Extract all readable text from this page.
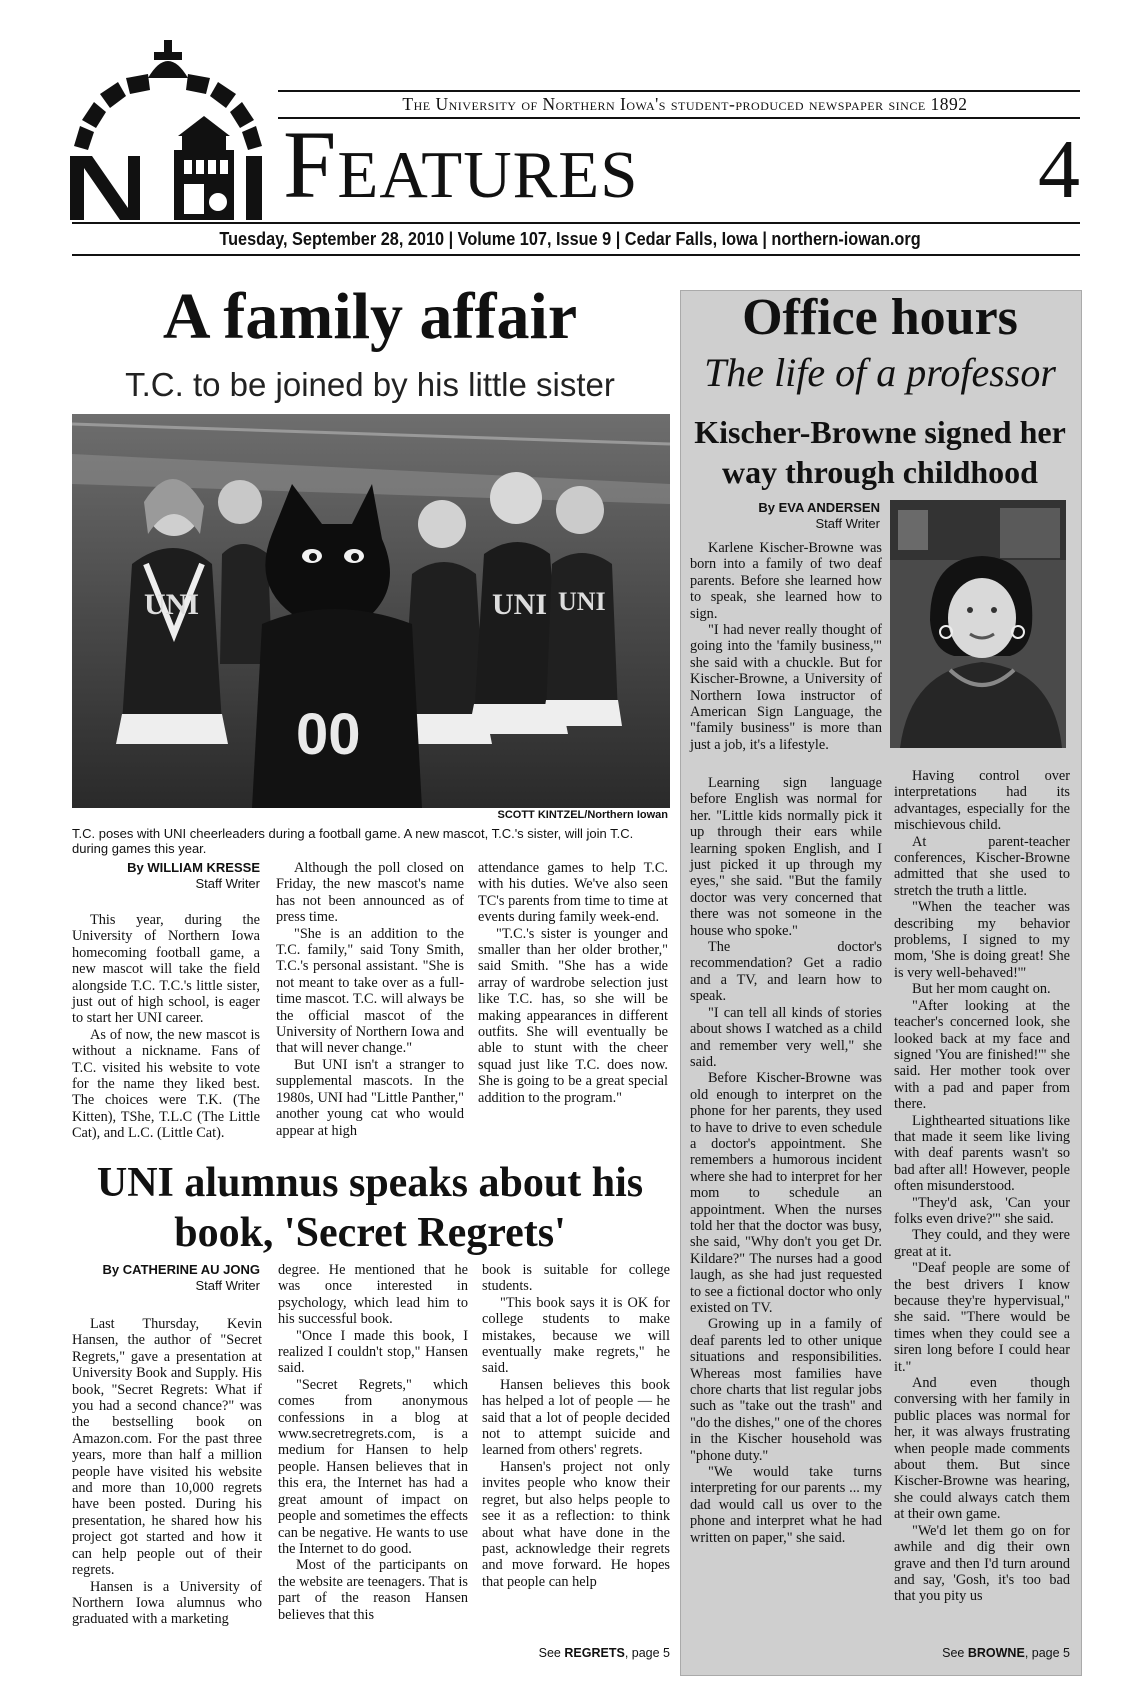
The University of Northern Iowa's student-produced newspaper since 1892
Features	4
Tuesday, September 28, 2010 | Volume 107, Issue 9 | Cedar Falls, Iowa | northern-iowan.org
A family affair
T.C. to be joined by his little sister
UNI	UNI UNI
00
SCOTT KINTZEL/Northern Iowan
T.C. poses with UNI cheerleaders during a football game. A new mascot, T.C.'s sister, will join T.C. during games this year.
By WILLIAM KRESSE
Staff Writer

This year, during the University of Northern Iowa homecoming football game, a new mascot will take the field alongside T.C. T.C.'s little sister, just out of high school, is eager to start her UNI career.

As of now, the new mascot is without a nickname. Fans of T.C. visited his website to vote for the name they liked best. The choices were T.K. (The Kitten), TShe, T.L.C (The Little Cat), and L.C. (Little Cat).

Although the poll closed on Friday, the new mascot's name has not been announced as of press time.

"She is an addition to the T.C. family," said Tony Smith, T.C.'s personal assistant. "She is not meant to take over as a full-time mascot. T.C. will always be the official mascot of the University of Northern Iowa and that will never change."

But UNI isn't a stranger to supplemental mascots. In the 1980s, UNI had "Little Panther," another young cat who would appear at high

attendance games to help T.C. with his duties. We've also seen TC's parents from time to time at events during family week-end.

"T.C.'s sister is younger and smaller than her older brother," said Smith. "She has a wide array of wardrobe selection just like T.C. has, so she will be making appearances in different outfits. She will eventually be able to stunt with the cheer squad just like T.C. does now. She is going to be a great special addition to the program."

UNI alumnus speaks about his book, 'Secret Regrets'
By CATHERINE AU JONG
Staff Writer

Last Thursday, Kevin Hansen, the author of "Secret Regrets," gave a presentation at University Book and Supply. His book, "Secret Regrets: What if you had a second chance?" was the bestselling book on Amazon.com. For the past three years, more than half a million people have visited his website and more than 10,000 regrets have been posted. During his presentation, he shared how his project got started and how it can help people out of their regrets.

Hansen is a University of Northern Iowa alumnus who graduated with a marketing

degree. He mentioned that he was once interested in psychology, which lead him to his successful book.

"Once I made this book, I realized I couldn't stop," Hansen said.

"Secret Regrets," which comes from anonymous confessions in a blog at www.secretregrets.com, is a medium for Hansen to help people. Hansen believes that in this era, the Internet has had a great amount of impact on people and sometimes the effects can be negative. He wants to use the Internet to do good.

Most of the participants on the website are teenagers. That is part of the reason Hansen believes that this

book is suitable for college students.

"This book says it is OK for college students to make mistakes, because we will eventually make regrets," he said.

Hansen believes this book has helped a lot of people — he said that a lot of people decided not to attempt suicide and learned from others' regrets.

Hansen's project not only invites people who know their regret, but also helps people to see it as a reflection: to think about what have done in the past, acknowledge their regrets and move forward. He hopes that people can help

See REGRETS, page 5
Office hours
The life of a professor
Kischer-Browne signed her way through childhood
By EVA ANDERSEN
Staff Writer

Karlene Kischer-Browne was born into a family of two deaf parents. Before she learned how to speak, she learned how to sign.

"I had never really thought of going into the 'family business,'" she said with a chuckle. But for Kischer-Browne, a University of Northern Iowa instructor of American Sign Language, the "family business" is more than just a job, it's a lifestyle.

Learning sign language before English was normal for her. "Little kids normally pick it up through their ears while learning spoken English, and I just picked it up through my eyes," she said. "But the family doctor was very concerned that there was not someone in the house who spoke."

The doctor's recommendation? Get a radio and a TV, and learn how to speak.

"I can tell all kinds of stories about shows I watched as a child and remember very well," she said.

Before Kischer-Browne was old enough to interpret on the phone for her parents, they used to have to drive to even schedule a doctor's appointment. She remembers a humorous incident where she had to interpret for her mom to schedule an appointment. When the nurses told her that the doctor was busy, she said, "Why don't you get Dr. Kildare?" The nurses had a good laugh, as she had just requested to see a fictional doctor who only existed on TV.

Growing up in a family of deaf parents led to other unique situations and responsibilities. Whereas most families have chore charts that list regular jobs such as "take out the trash" and "do the dishes," one of the chores in the Kischer household was "phone duty."

"We would take turns interpreting for our parents ... my dad would call us over to the phone and interpret what he had written on paper," she said.

Having control over interpretations had its advantages, especially for the mischievous child.

At parent-teacher conferences, Kischer-Browne admitted that she used to stretch the truth a little.

"When the teacher was describing my behavior problems, I signed to my mom, 'She is doing great! She is very well-behaved!'"

But her mom caught on.

"After looking at the teacher's concerned look, she looked back at my face and signed 'You are finished!'" she said. Her mother took over with a pad and paper from there.

Lighthearted situations like that made it seem like living with deaf parents wasn't so bad after all! However, people often misunderstood.

"They'd ask, 'Can your folks even drive?'" she said.

They could, and they were great at it.

"Deaf people are some of the best drivers I know because they're hypervisual," she said. "There would be times when they could see a siren long before I could hear it."

And even though conversing with her family in public places was normal for her, it was always frustrating when people made comments about them. But since Kischer-Browne was hearing, she could always catch them at their own game.

"We'd let them go on for awhile and dig their own grave and then I'd turn around and say, 'Gosh, it's too bad that you pity us

See BROWNE, page 5
